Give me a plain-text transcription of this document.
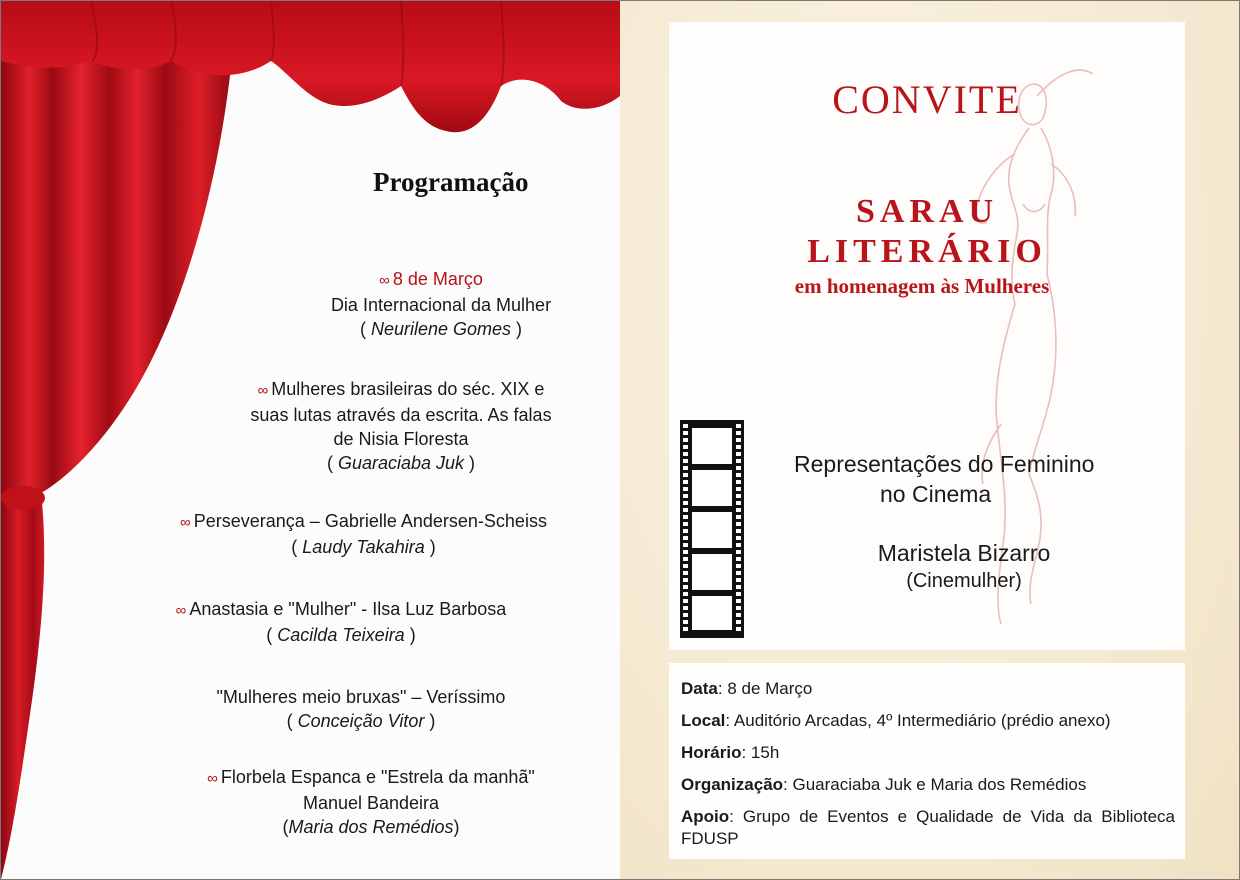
Programação
∞ 8 de Março
Dia Internacional da Mulher
( Neurilene Gomes )
∞ Mulheres brasileiras do séc. XIX e
suas lutas através da escrita. As falas
de Nisia Floresta
( Guaraciaba Juk )
∞ Perseverança – Gabrielle Andersen-Scheiss
( Laudy Takahira )
∞ Anastasia e "Mulher" - Ilsa Luz Barbosa
( Cacilda Teixeira )
"Mulheres meio bruxas" – Veríssimo
( Conceição Vitor )
∞ Florbela Espanca e "Estrela da manhã"
Manuel Bandeira
(Maria dos Remédios)
CONVITE
SARAU
LITERÁRIO
em homenagem às Mulheres
Representações do Feminino
no Cinema
Maristela Bizarro
(Cinemulher)
Data: 8 de Março
Local: Auditório Arcadas, 4º Intermediário (prédio anexo)
Horário: 15h
Organização: Guaraciaba Juk e Maria dos Remédios
Apoio: Grupo de Eventos e Qualidade de Vida da Biblioteca FDUSP
